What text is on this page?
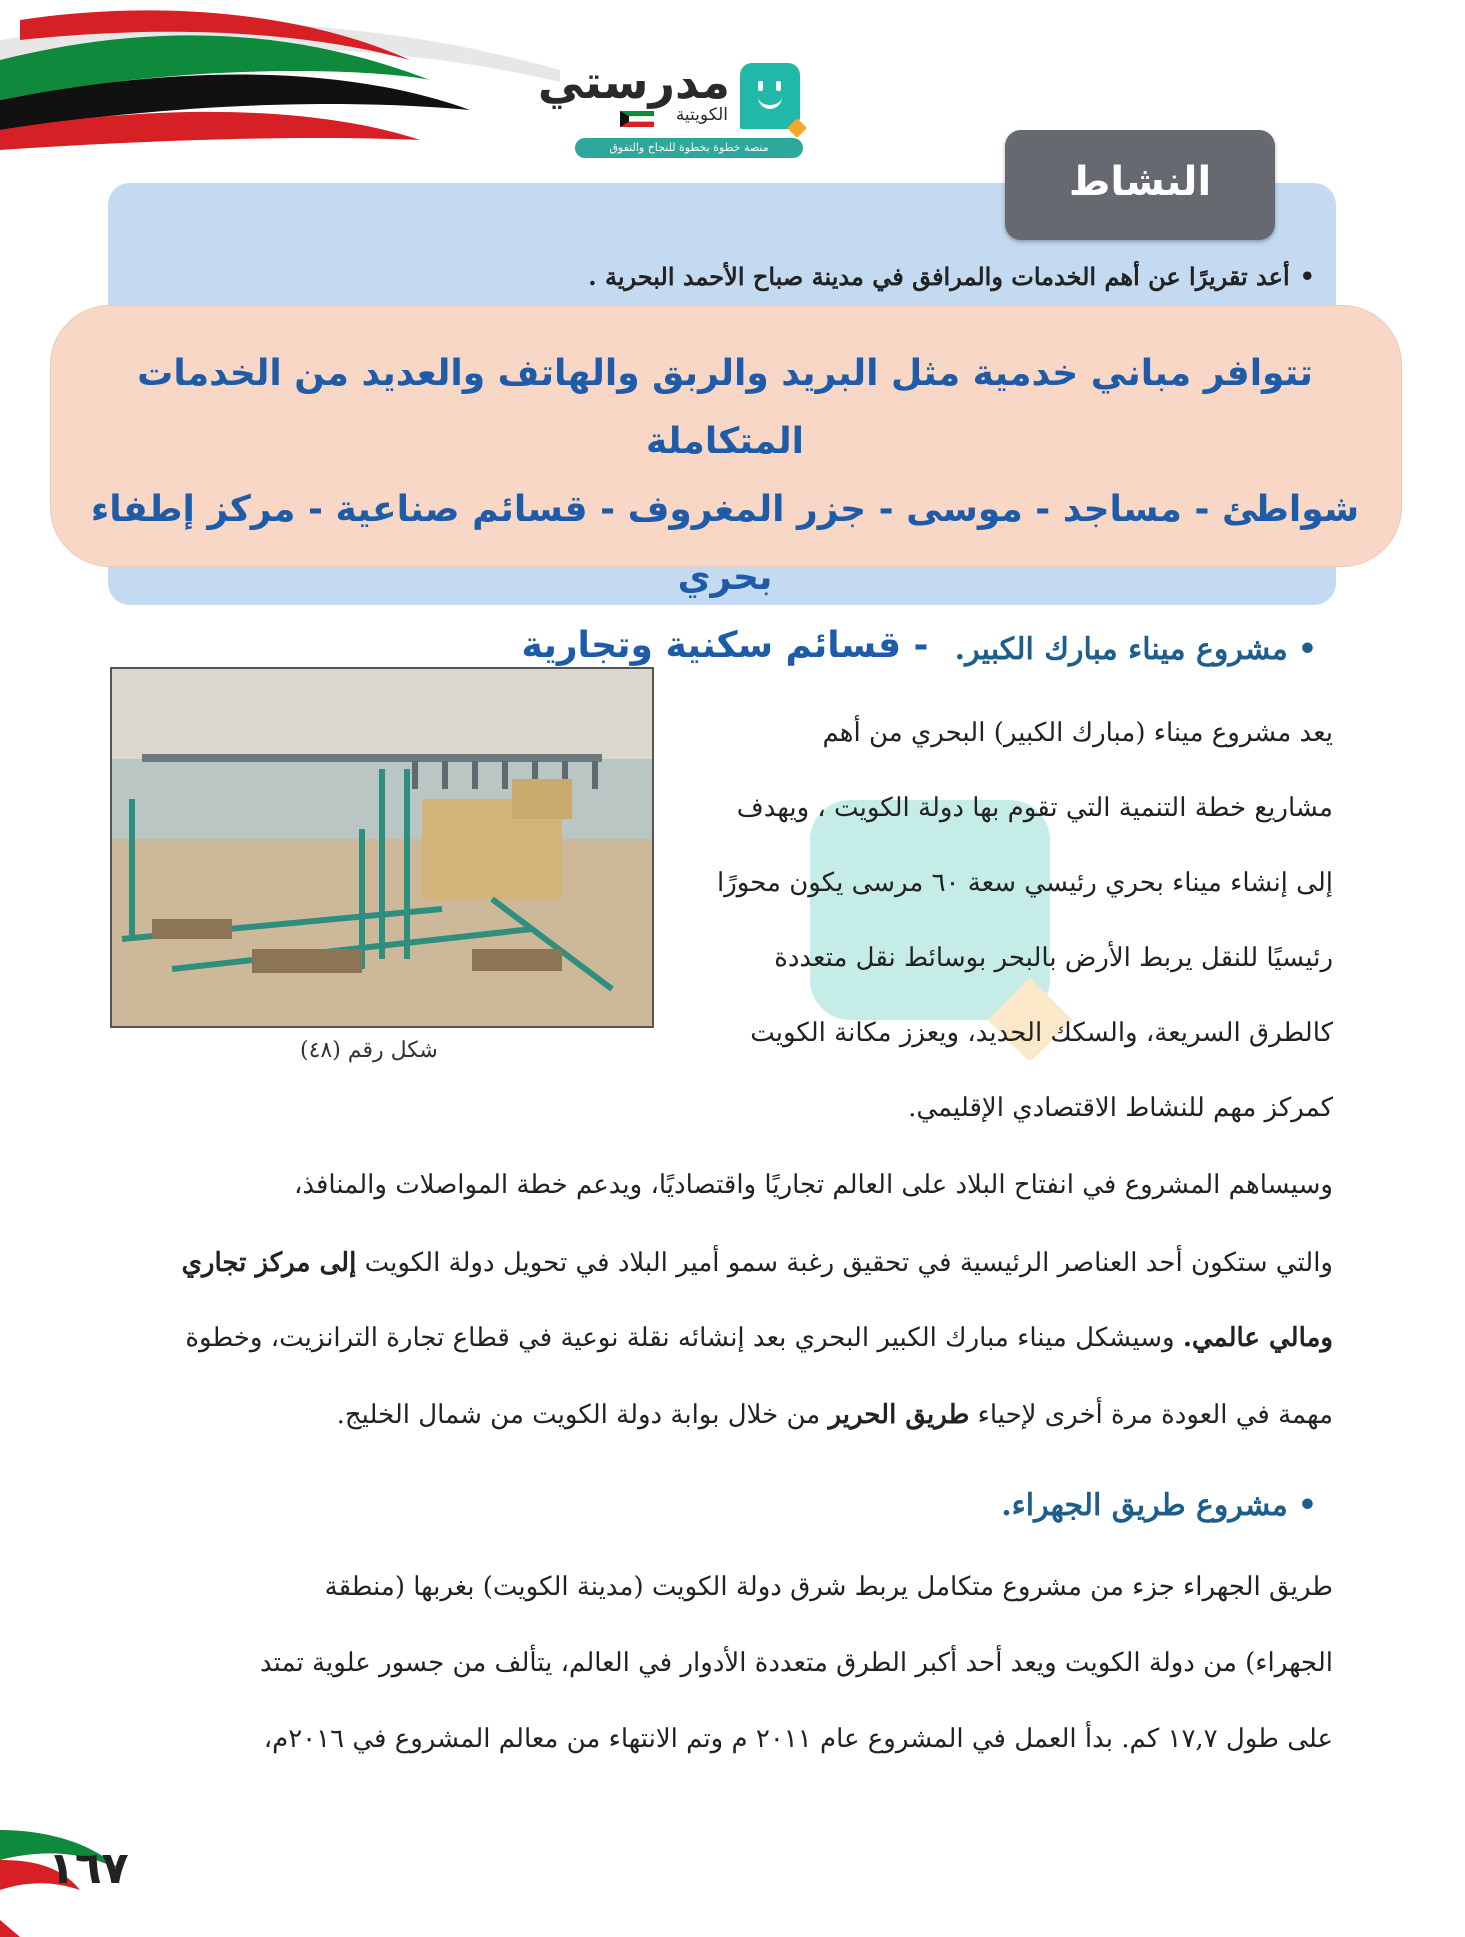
مدرستي
الكويتية
منصة خطوة بخطوة للنجاح والتفوق
النشاط
• أعد تقريرًا عن أهم الخدمات والمرافق في مدينة صباح الأحمد البحرية .
تتوافر مباني خدمية مثل البريد والربق والهاتف والعديد من الخدمات المتكاملة
شواطئ - مساجد - موسى - جزر المغروف - قسائم صناعية - مركز إطفاء بحري
- قسائم سكنية وتجارية
• مشروع ميناء مبارك الكبير.
شكل رقم (٤٨)
يعد مشروع ميناء (مبارك الكبير) البحري من أهم
مشاريع خطة التنمية التي تقوم بها دولة الكويت ، ويهدف
إلى إنشاء ميناء بحري رئيسي سعة ٦٠ مرسى يكون محورًا
رئيسيًا للنقل يربط الأرض بالبحر بوسائط نقل متعددة
كالطرق السريعة، والسكك الحديد، ويعزز مكانة الكويت
كمركز مهم للنشاط الاقتصادي الإقليمي.
وسيساهم المشروع في انفتاح البلاد على العالم تجاريًا واقتصاديًا، ويدعم خطة المواصلات والمنافذ،
والتي ستكون أحد العناصر الرئيسية في تحقيق رغبة سمو أمير البلاد في تحويل دولة الكويت إلى مركز تجاري
ومالي عالمي. وسيشكل ميناء مبارك الكبير البحري بعد إنشائه نقلة نوعية في قطاع تجارة الترانزيت، وخطوة
مهمة في العودة مرة أخرى لإحياء طريق الحرير من خلال بوابة دولة الكويت من شمال الخليج.
• مشروع طريق الجهراء.
طريق الجهراء جزء من مشروع متكامل يربط شرق دولة الكويت (مدينة الكويت) بغربها (منطقة
الجهراء) من دولة الكويت ويعد أحد أكبر الطرق متعددة الأدوار في العالم، يتألف من جسور علوية تمتد
على طول ١٧,٧ كم. بدأ العمل في المشروع عام ٢٠١١ م وتم الانتهاء من معالم المشروع في ٢٠١٦م،
١٦٧
